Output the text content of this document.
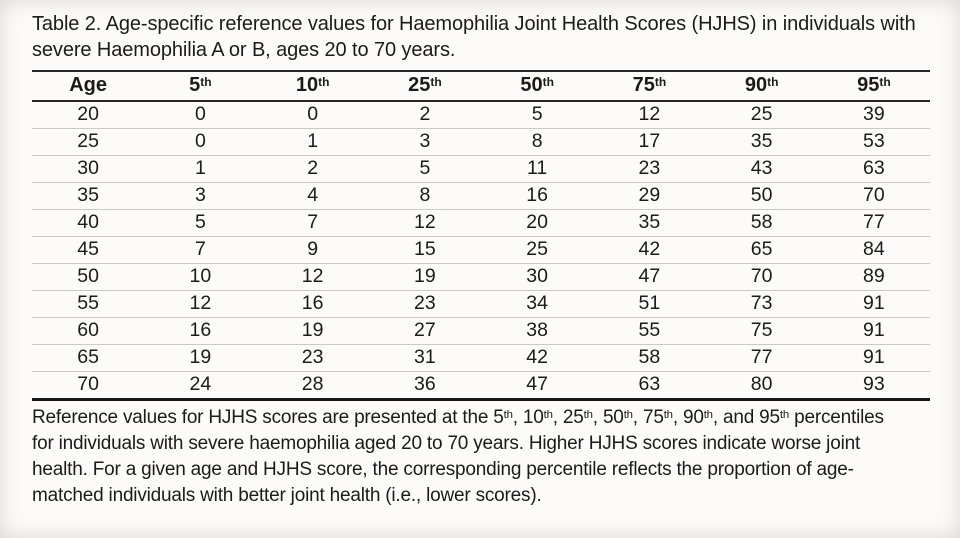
Table 2. Age-specific reference values for Haemophilia Joint Health Scores (HJHS) in individuals with
severe Haemophilia A or B, ages 20 to 70 years.
Age	5th	10th	25th	50th	75th	90th	95th
20	0	0	2	5	12	25	39
25	0	1	3	8	17	35	53
30	1	2	5	11	23	43	63
35	3	4	8	16	29	50	70
40	5	7	12	20	35	58	77
45	7	9	15	25	42	65	84
50	10	12	19	30	47	70	89
55	12	16	23	34	51	73	91
60	16	19	27	38	55	75	91
65	19	23	31	42	58	77	91
70	24	28	36	47	63	80	93
Reference values for HJHS scores are presented at the 5th, 10th, 25th, 50th, 75th, 90th, and 95th percentiles
for individuals with severe haemophilia aged 20 to 70 years. Higher HJHS scores indicate worse joint
health. For a given age and HJHS score, the corresponding percentile reflects the proportion of age-
matched individuals with better joint health (i.e., lower scores).
